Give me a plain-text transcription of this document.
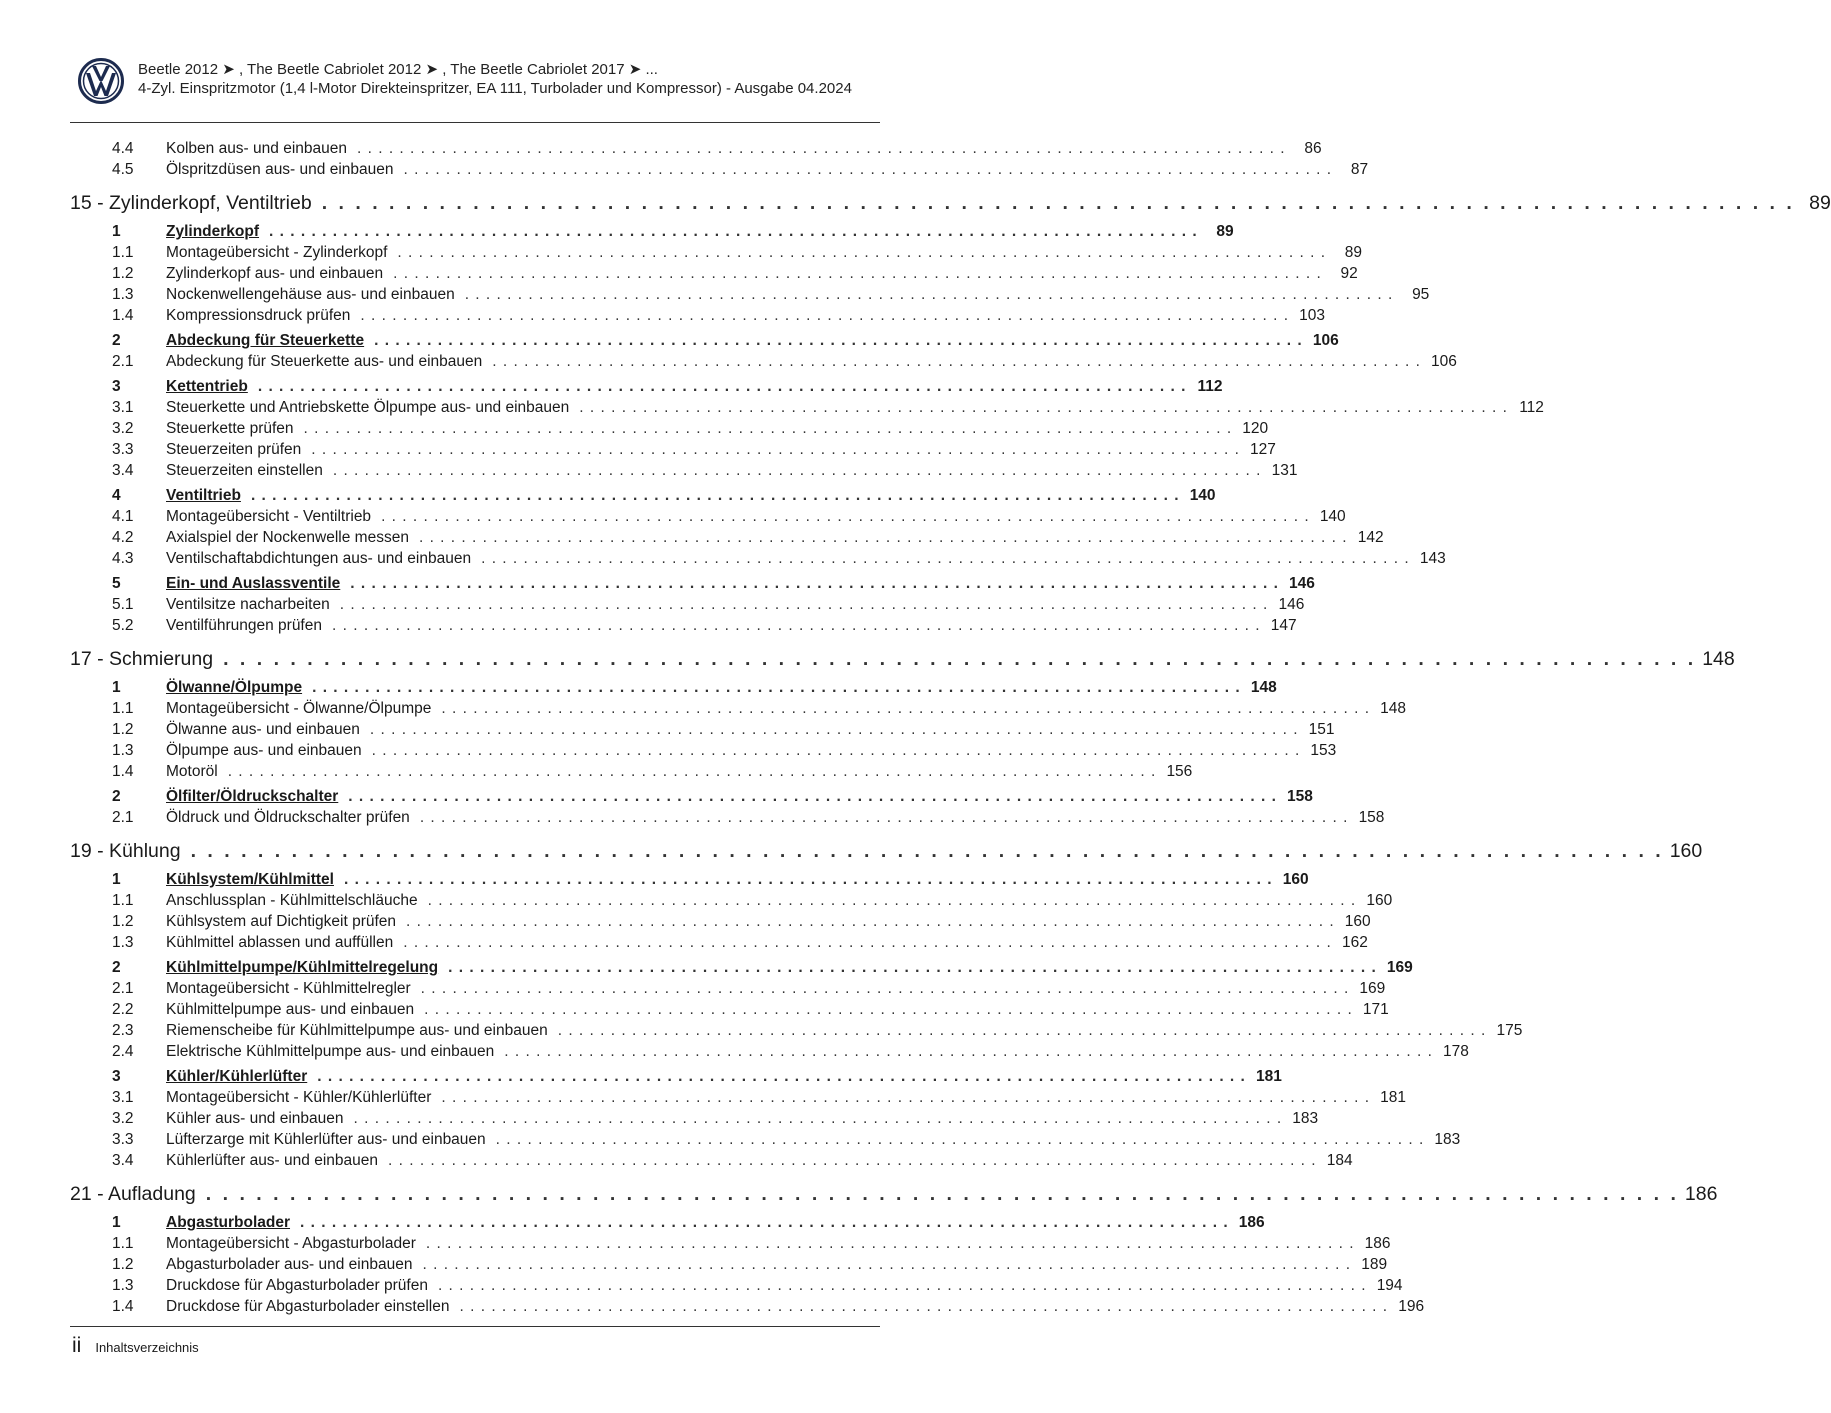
Beetle 2012 ➤ , The Beetle Cabriolet 2012 ➤ , The Beetle Cabriolet 2017 ➤ ...
4-Zyl. Einspritzmotor (1,4 l-Motor Direkteinspritzer, EA 111, Turbolader und Kompressor) - Ausgabe 04.2024
4.4	Kolben aus- und einbauen . . . . . . . . . . . . . . . . . . . . . . . . . . . . . . . . . . . . . . . . . . . . . . . . . . . . . . . . . . . . . . . . . . . . . . . . . . . . . . . . . . . . . . . .	86
4.5	Ölspritzdüsen aus- und einbauen . . . . . . . . . . . . . . . . . . . . . . . . . . . . . . . . . . . . . . . . . . . . . . . . . . . . . . . . . . . . . . . . . . . . . . . . . . . . . . . . . . . . . . . .	87
15 - Zylinderkopf, Ventiltrieb . . . . . . . . . . . . . . . . . . . . . . . . . . . . . . . . . . . . . . . . . . . . . . . . . . . . . . . . . . . . . . . . . . . . . . . . . . . . . . . . . . . . . . . . 89
1	Zylinderkopf . . . . . . . . . . . . . . . . . . . . . . . . . . . . . . . . . . . . . . . . . . . . . . . . . . . . . . . . . . . . . . . . . . . . . . . . . . . . . . . . . . . . . . . .	89
1.1	Montageübersicht - Zylinderkopf . . . . . . . . . . . . . . . . . . . . . . . . . . . . . . . . . . . . . . . . . . . . . . . . . . . . . . . . . . . . . . . . . . . . . . . . . . . . . . . . . . . . . . . .	89
1.2	Zylinderkopf aus- und einbauen . . . . . . . . . . . . . . . . . . . . . . . . . . . . . . . . . . . . . . . . . . . . . . . . . . . . . . . . . . . . . . . . . . . . . . . . . . . . . . . . . . . . . . . .	92
1.3	Nockenwellengehäuse aus- und einbauen . . . . . . . . . . . . . . . . . . . . . . . . . . . . . . . . . . . . . . . . . . . . . . . . . . . . . . . . . . . . . . . . . . . . . . . . . . . . . . . . . . . . . . . .	95
1.4	Kompressionsdruck prüfen . . . . . . . . . . . . . . . . . . . . . . . . . . . . . . . . . . . . . . . . . . . . . . . . . . . . . . . . . . . . . . . . . . . . . . . . . . . . . . . . . . . . . . . . 103
2	Abdeckung für Steuerkette . . . . . . . . . . . . . . . . . . . . . . . . . . . . . . . . . . . . . . . . . . . . . . . . . . . . . . . . . . . . . . . . . . . . . . . . . . . . . . . . . . . . . . . . 106
2.1	Abdeckung für Steuerkette aus- und einbauen . . . . . . . . . . . . . . . . . . . . . . . . . . . . . . . . . . . . . . . . . . . . . . . . . . . . . . . . . . . . . . . . . . . . . . . . . . . . . . . . . . . . . . . . 106
3	Kettentrieb . . . . . . . . . . . . . . . . . . . . . . . . . . . . . . . . . . . . . . . . . . . . . . . . . . . . . . . . . . . . . . . . . . . . . . . . . . . . . . . . . . . . . . . . 112
3.1	Steuerkette und Antriebskette Ölpumpe aus- und einbauen . . . . . . . . . . . . . . . . . . . . . . . . . . . . . . . . . . . . . . . . . . . . . . . . . . . . . . . . . . . . . . . . . . . . . . . . . . . . . . . . . . . . . . . . 112
3.2	Steuerkette prüfen . . . . . . . . . . . . . . . . . . . . . . . . . . . . . . . . . . . . . . . . . . . . . . . . . . . . . . . . . . . . . . . . . . . . . . . . . . . . . . . . . . . . . . . . 120
3.3	Steuerzeiten prüfen . . . . . . . . . . . . . . . . . . . . . . . . . . . . . . . . . . . . . . . . . . . . . . . . . . . . . . . . . . . . . . . . . . . . . . . . . . . . . . . . . . . . . . . . 127
3.4	Steuerzeiten einstellen . . . . . . . . . . . . . . . . . . . . . . . . . . . . . . . . . . . . . . . . . . . . . . . . . . . . . . . . . . . . . . . . . . . . . . . . . . . . . . . . . . . . . . . . 131
4	Ventiltrieb . . . . . . . . . . . . . . . . . . . . . . . . . . . . . . . . . . . . . . . . . . . . . . . . . . . . . . . . . . . . . . . . . . . . . . . . . . . . . . . . . . . . . . . . 140
4.1	Montageübersicht - Ventiltrieb . . . . . . . . . . . . . . . . . . . . . . . . . . . . . . . . . . . . . . . . . . . . . . . . . . . . . . . . . . . . . . . . . . . . . . . . . . . . . . . . . . . . . . . . 140
4.2	Axialspiel der Nockenwelle messen . . . . . . . . . . . . . . . . . . . . . . . . . . . . . . . . . . . . . . . . . . . . . . . . . . . . . . . . . . . . . . . . . . . . . . . . . . . . . . . . . . . . . . . . 142
4.3	Ventilschaftabdichtungen aus- und einbauen . . . . . . . . . . . . . . . . . . . . . . . . . . . . . . . . . . . . . . . . . . . . . . . . . . . . . . . . . . . . . . . . . . . . . . . . . . . . . . . . . . . . . . . . 143
5	Ein- und Auslassventile . . . . . . . . . . . . . . . . . . . . . . . . . . . . . . . . . . . . . . . . . . . . . . . . . . . . . . . . . . . . . . . . . . . . . . . . . . . . . . . . . . . . . . . . 146
5.1	Ventilsitze nacharbeiten . . . . . . . . . . . . . . . . . . . . . . . . . . . . . . . . . . . . . . . . . . . . . . . . . . . . . . . . . . . . . . . . . . . . . . . . . . . . . . . . . . . . . . . . 146
5.2	Ventilführungen prüfen . . . . . . . . . . . . . . . . . . . . . . . . . . . . . . . . . . . . . . . . . . . . . . . . . . . . . . . . . . . . . . . . . . . . . . . . . . . . . . . . . . . . . . . . 147
17 - Schmierung . . . . . . . . . . . . . . . . . . . . . . . . . . . . . . . . . . . . . . . . . . . . . . . . . . . . . . . . . . . . . . . . . . . . . . . . . . . . . . . . . . . . . . . . 148
1	Ölwanne/Ölpumpe . . . . . . . . . . . . . . . . . . . . . . . . . . . . . . . . . . . . . . . . . . . . . . . . . . . . . . . . . . . . . . . . . . . . . . . . . . . . . . . . . . . . . . . . 148
1.1	Montageübersicht - Ölwanne/Ölpumpe . . . . . . . . . . . . . . . . . . . . . . . . . . . . . . . . . . . . . . . . . . . . . . . . . . . . . . . . . . . . . . . . . . . . . . . . . . . . . . . . . . . . . . . . 148
1.2	Ölwanne aus- und einbauen . . . . . . . . . . . . . . . . . . . . . . . . . . . . . . . . . . . . . . . . . . . . . . . . . . . . . . . . . . . . . . . . . . . . . . . . . . . . . . . . . . . . . . . . 151
1.3	Ölpumpe aus- und einbauen . . . . . . . . . . . . . . . . . . . . . . . . . . . . . . . . . . . . . . . . . . . . . . . . . . . . . . . . . . . . . . . . . . . . . . . . . . . . . . . . . . . . . . . . 153
1.4	Motoröl . . . . . . . . . . . . . . . . . . . . . . . . . . . . . . . . . . . . . . . . . . . . . . . . . . . . . . . . . . . . . . . . . . . . . . . . . . . . . . . . . . . . . . . . 156
2	Ölfilter/Öldruckschalter . . . . . . . . . . . . . . . . . . . . . . . . . . . . . . . . . . . . . . . . . . . . . . . . . . . . . . . . . . . . . . . . . . . . . . . . . . . . . . . . . . . . . . . . 158
2.1	Öldruck und Öldruckschalter prüfen . . . . . . . . . . . . . . . . . . . . . . . . . . . . . . . . . . . . . . . . . . . . . . . . . . . . . . . . . . . . . . . . . . . . . . . . . . . . . . . . . . . . . . . . 158
19 - Kühlung . . . . . . . . . . . . . . . . . . . . . . . . . . . . . . . . . . . . . . . . . . . . . . . . . . . . . . . . . . . . . . . . . . . . . . . . . . . . . . . . . . . . . . . . 160
1	Kühlsystem/Kühlmittel . . . . . . . . . . . . . . . . . . . . . . . . . . . . . . . . . . . . . . . . . . . . . . . . . . . . . . . . . . . . . . . . . . . . . . . . . . . . . . . . . . . . . . . . 160
1.1	Anschlussplan - Kühlmittelschläuche . . . . . . . . . . . . . . . . . . . . . . . . . . . . . . . . . . . . . . . . . . . . . . . . . . . . . . . . . . . . . . . . . . . . . . . . . . . . . . . . . . . . . . . . 160
1.2	Kühlsystem auf Dichtigkeit prüfen . . . . . . . . . . . . . . . . . . . . . . . . . . . . . . . . . . . . . . . . . . . . . . . . . . . . . . . . . . . . . . . . . . . . . . . . . . . . . . . . . . . . . . . . 160
1.3	Kühlmittel ablassen und auffüllen . . . . . . . . . . . . . . . . . . . . . . . . . . . . . . . . . . . . . . . . . . . . . . . . . . . . . . . . . . . . . . . . . . . . . . . . . . . . . . . . . . . . . . . . 162
2	Kühlmittelpumpe/Kühlmittelregelung . . . . . . . . . . . . . . . . . . . . . . . . . . . . . . . . . . . . . . . . . . . . . . . . . . . . . . . . . . . . . . . . . . . . . . . . . . . . . . . . . . . . . . . . 169
2.1	Montageübersicht - Kühlmittelregler . . . . . . . . . . . . . . . . . . . . . . . . . . . . . . . . . . . . . . . . . . . . . . . . . . . . . . . . . . . . . . . . . . . . . . . . . . . . . . . . . . . . . . . . 169
2.2	Kühlmittelpumpe aus- und einbauen . . . . . . . . . . . . . . . . . . . . . . . . . . . . . . . . . . . . . . . . . . . . . . . . . . . . . . . . . . . . . . . . . . . . . . . . . . . . . . . . . . . . . . . . 171
2.3	Riemenscheibe für Kühlmittelpumpe aus- und einbauen . . . . . . . . . . . . . . . . . . . . . . . . . . . . . . . . . . . . . . . . . . . . . . . . . . . . . . . . . . . . . . . . . . . . . . . . . . . . . . . . . . . . . . . . 175
2.4	Elektrische Kühlmittelpumpe aus- und einbauen . . . . . . . . . . . . . . . . . . . . . . . . . . . . . . . . . . . . . . . . . . . . . . . . . . . . . . . . . . . . . . . . . . . . . . . . . . . . . . . . . . . . . . . . 178
3	Kühler/Kühlerlüfter . . . . . . . . . . . . . . . . . . . . . . . . . . . . . . . . . . . . . . . . . . . . . . . . . . . . . . . . . . . . . . . . . . . . . . . . . . . . . . . . . . . . . . . . 181
3.1	Montageübersicht - Kühler/Kühlerlüfter . . . . . . . . . . . . . . . . . . . . . . . . . . . . . . . . . . . . . . . . . . . . . . . . . . . . . . . . . . . . . . . . . . . . . . . . . . . . . . . . . . . . . . . . 181
3.2	Kühler aus- und einbauen . . . . . . . . . . . . . . . . . . . . . . . . . . . . . . . . . . . . . . . . . . . . . . . . . . . . . . . . . . . . . . . . . . . . . . . . . . . . . . . . . . . . . . . . 183
3.3	Lüfterzarge mit Kühlerlüfter aus- und einbauen . . . . . . . . . . . . . . . . . . . . . . . . . . . . . . . . . . . . . . . . . . . . . . . . . . . . . . . . . . . . . . . . . . . . . . . . . . . . . . . . . . . . . . . . 183
3.4	Kühlerlüfter aus- und einbauen . . . . . . . . . . . . . . . . . . . . . . . . . . . . . . . . . . . . . . . . . . . . . . . . . . . . . . . . . . . . . . . . . . . . . . . . . . . . . . . . . . . . . . . . 184
21 - Aufladung . . . . . . . . . . . . . . . . . . . . . . . . . . . . . . . . . . . . . . . . . . . . . . . . . . . . . . . . . . . . . . . . . . . . . . . . . . . . . . . . . . . . . . . . 186
1	Abgasturbolader . . . . . . . . . . . . . . . . . . . . . . . . . . . . . . . . . . . . . . . . . . . . . . . . . . . . . . . . . . . . . . . . . . . . . . . . . . . . . . . . . . . . . . . . 186
1.1	Montageübersicht - Abgasturbolader . . . . . . . . . . . . . . . . . . . . . . . . . . . . . . . . . . . . . . . . . . . . . . . . . . . . . . . . . . . . . . . . . . . . . . . . . . . . . . . . . . . . . . . . 186
1.2	Abgasturbolader aus- und einbauen . . . . . . . . . . . . . . . . . . . . . . . . . . . . . . . . . . . . . . . . . . . . . . . . . . . . . . . . . . . . . . . . . . . . . . . . . . . . . . . . . . . . . . . . 189
1.3	Druckdose für Abgasturbolader prüfen . . . . . . . . . . . . . . . . . . . . . . . . . . . . . . . . . . . . . . . . . . . . . . . . . . . . . . . . . . . . . . . . . . . . . . . . . . . . . . . . . . . . . . . . 194
1.4	Druckdose für Abgasturbolader einstellen . . . . . . . . . . . . . . . . . . . . . . . . . . . . . . . . . . . . . . . . . . . . . . . . . . . . . . . . . . . . . . . . . . . . . . . . . . . . . . . . . . . . . . . . 196
ii Inhaltsverzeichnis
